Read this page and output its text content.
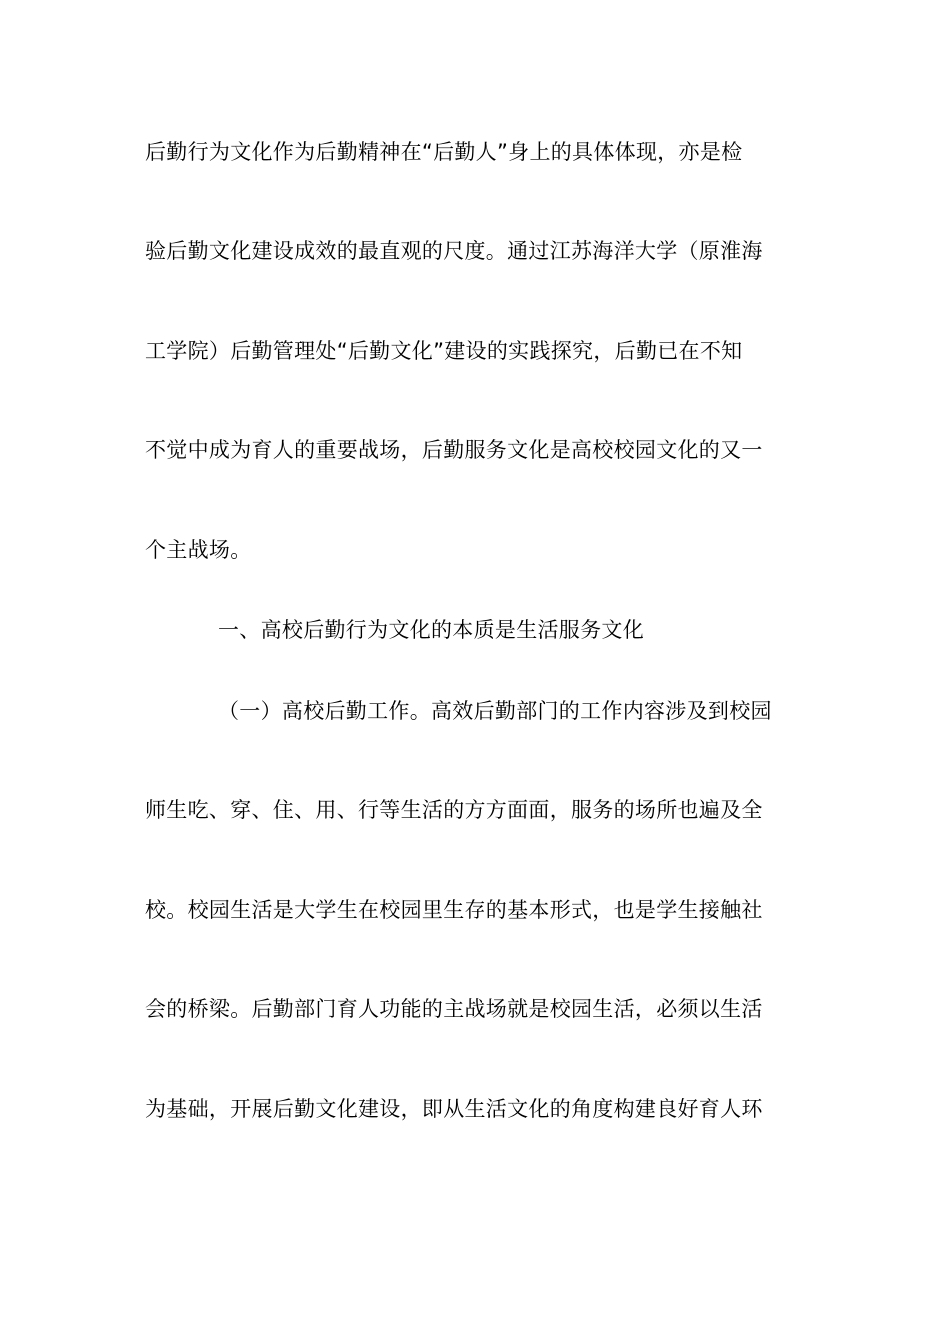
后勤行为文化作为后勤精神在“后勤人”身上的具体体现，亦是检
验后勤文化建设成效的最直观的尺度。通过江苏海洋大学（原淮海
工学院）后勤管理处“后勤文化”建设的实践探究，后勤已在不知
不觉中成为育人的重要战场，后勤服务文化是高校校园文化的又一
个主战场。
一、高校后勤行为文化的本质是生活服务文化
（一）高校后勤工作。高效后勤部门的工作内容涉及到校园
师生吃、穿、住、用、行等生活的方方面面，服务的场所也遍及全
校。校园生活是大学生在校园里生存的基本形式，也是学生接触社
会的桥梁。后勤部门育人功能的主战场就是校园生活，必须以生活
为基础，开展后勤文化建设，即从生活文化的角度构建良好育人环
